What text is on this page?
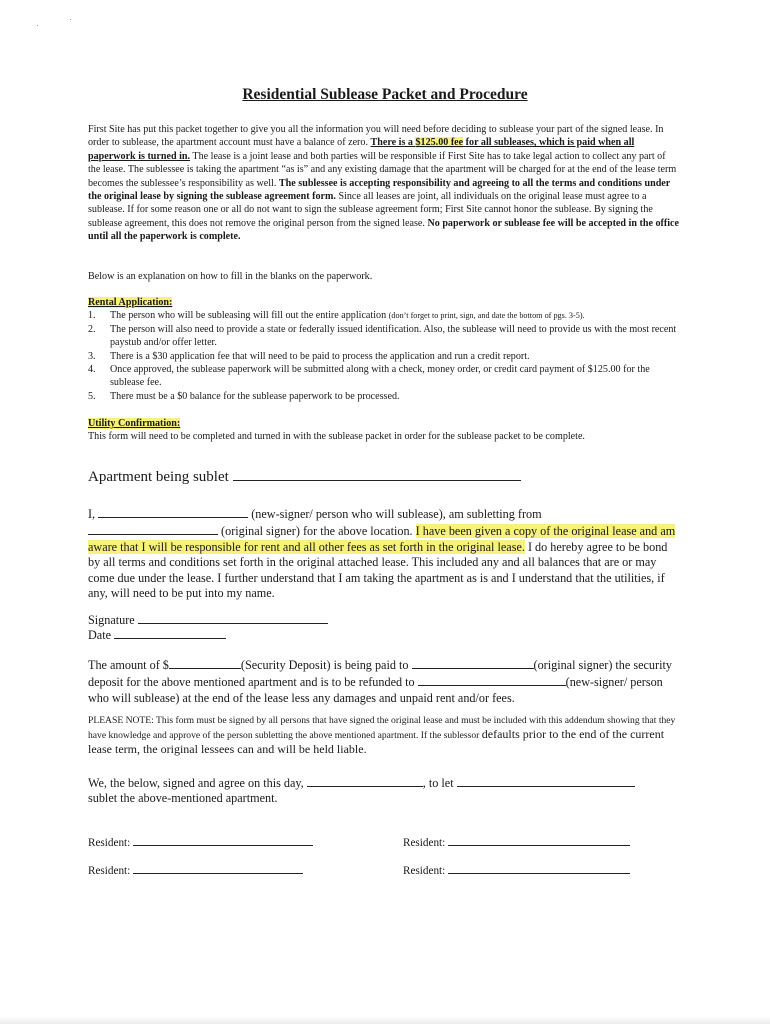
Residential Sublease Packet and Procedure
First Site has put this packet together to give you all the information you will need before deciding to sublease your part of the signed lease. In order to sublease, the apartment account must have a balance of zero. There is a $125.00 fee for all subleases, which is paid when all paperwork is turned in. The lease is a joint lease and both parties will be responsible if First Site has to take legal action to collect any part of the lease. The sublessee is taking the apartment “as is” and any existing damage that the apartment will be charged for at the end of the lease term becomes the sublessee’s responsibility as well. The sublessee is accepting responsibility and agreeing to all the terms and conditions under the original lease by signing the sublease agreement form. Since all leases are joint, all individuals on the original lease must agree to a sublease. If for some reason one or all do not want to sign the sublease agreement form; First Site cannot honor the sublease. By signing the sublease agreement, this does not remove the original person from the signed lease. No paperwork or sublease fee will be accepted in the office until all the paperwork is complete.
Below is an explanation on how to fill in the blanks on the paperwork.
Rental Application:
1. The person who will be subleasing will fill out the entire application (don’t forget to print, sign, and date the bottom of pgs. 3-5).
2. The person will also need to provide a state or federally issued identification. Also, the sublease will need to provide us with the most recent paystub and/or offer letter.
3. There is a $30 application fee that will need to be paid to process the application and run a credit report.
4. Once approved, the sublease paperwork will be submitted along with a check, money order, or credit card payment of $125.00 for the sublease fee.
5. There must be a $0 balance for the sublease paperwork to be processed.
Utility Confirmation:
This form will need to be completed and turned in with the sublease packet in order for the sublease packet to be complete.
Apartment being sublet
I,	(new-signer/ person who will sublease), am subletting from
(original signer) for the above location. I have been given a copy of the original lease and am aware that I will be responsible for rent and all other fees as set forth in the original lease. I do hereby agree to be bond by all terms and conditions set forth in the original attached lease. This included any and all balances that are or may come due under the lease. I further understand that I am taking the apartment as is and I understand that the utilities, if any, will need to be put into my name.
Signature
Date
The amount of $	(Security Deposit) is being paid to	(original signer) the security deposit for the above mentioned apartment and is to be refunded to	(new-signer/ person who will sublease) at the end of the lease less any damages and unpaid rent and/or fees.
PLEASE NOTE: This form must be signed by all persons that have signed the original lease and must be included with this addendum showing that they have knowledge and approve of the person subletting the above mentioned apartment. If the sublessor defaults prior to the end of the current lease term, the original lessees can and will be held liable.
We, the below, signed and agree on this day,	, to let
sublet the above-mentioned apartment.
Resident:	Resident:
Resident:	Resident:
